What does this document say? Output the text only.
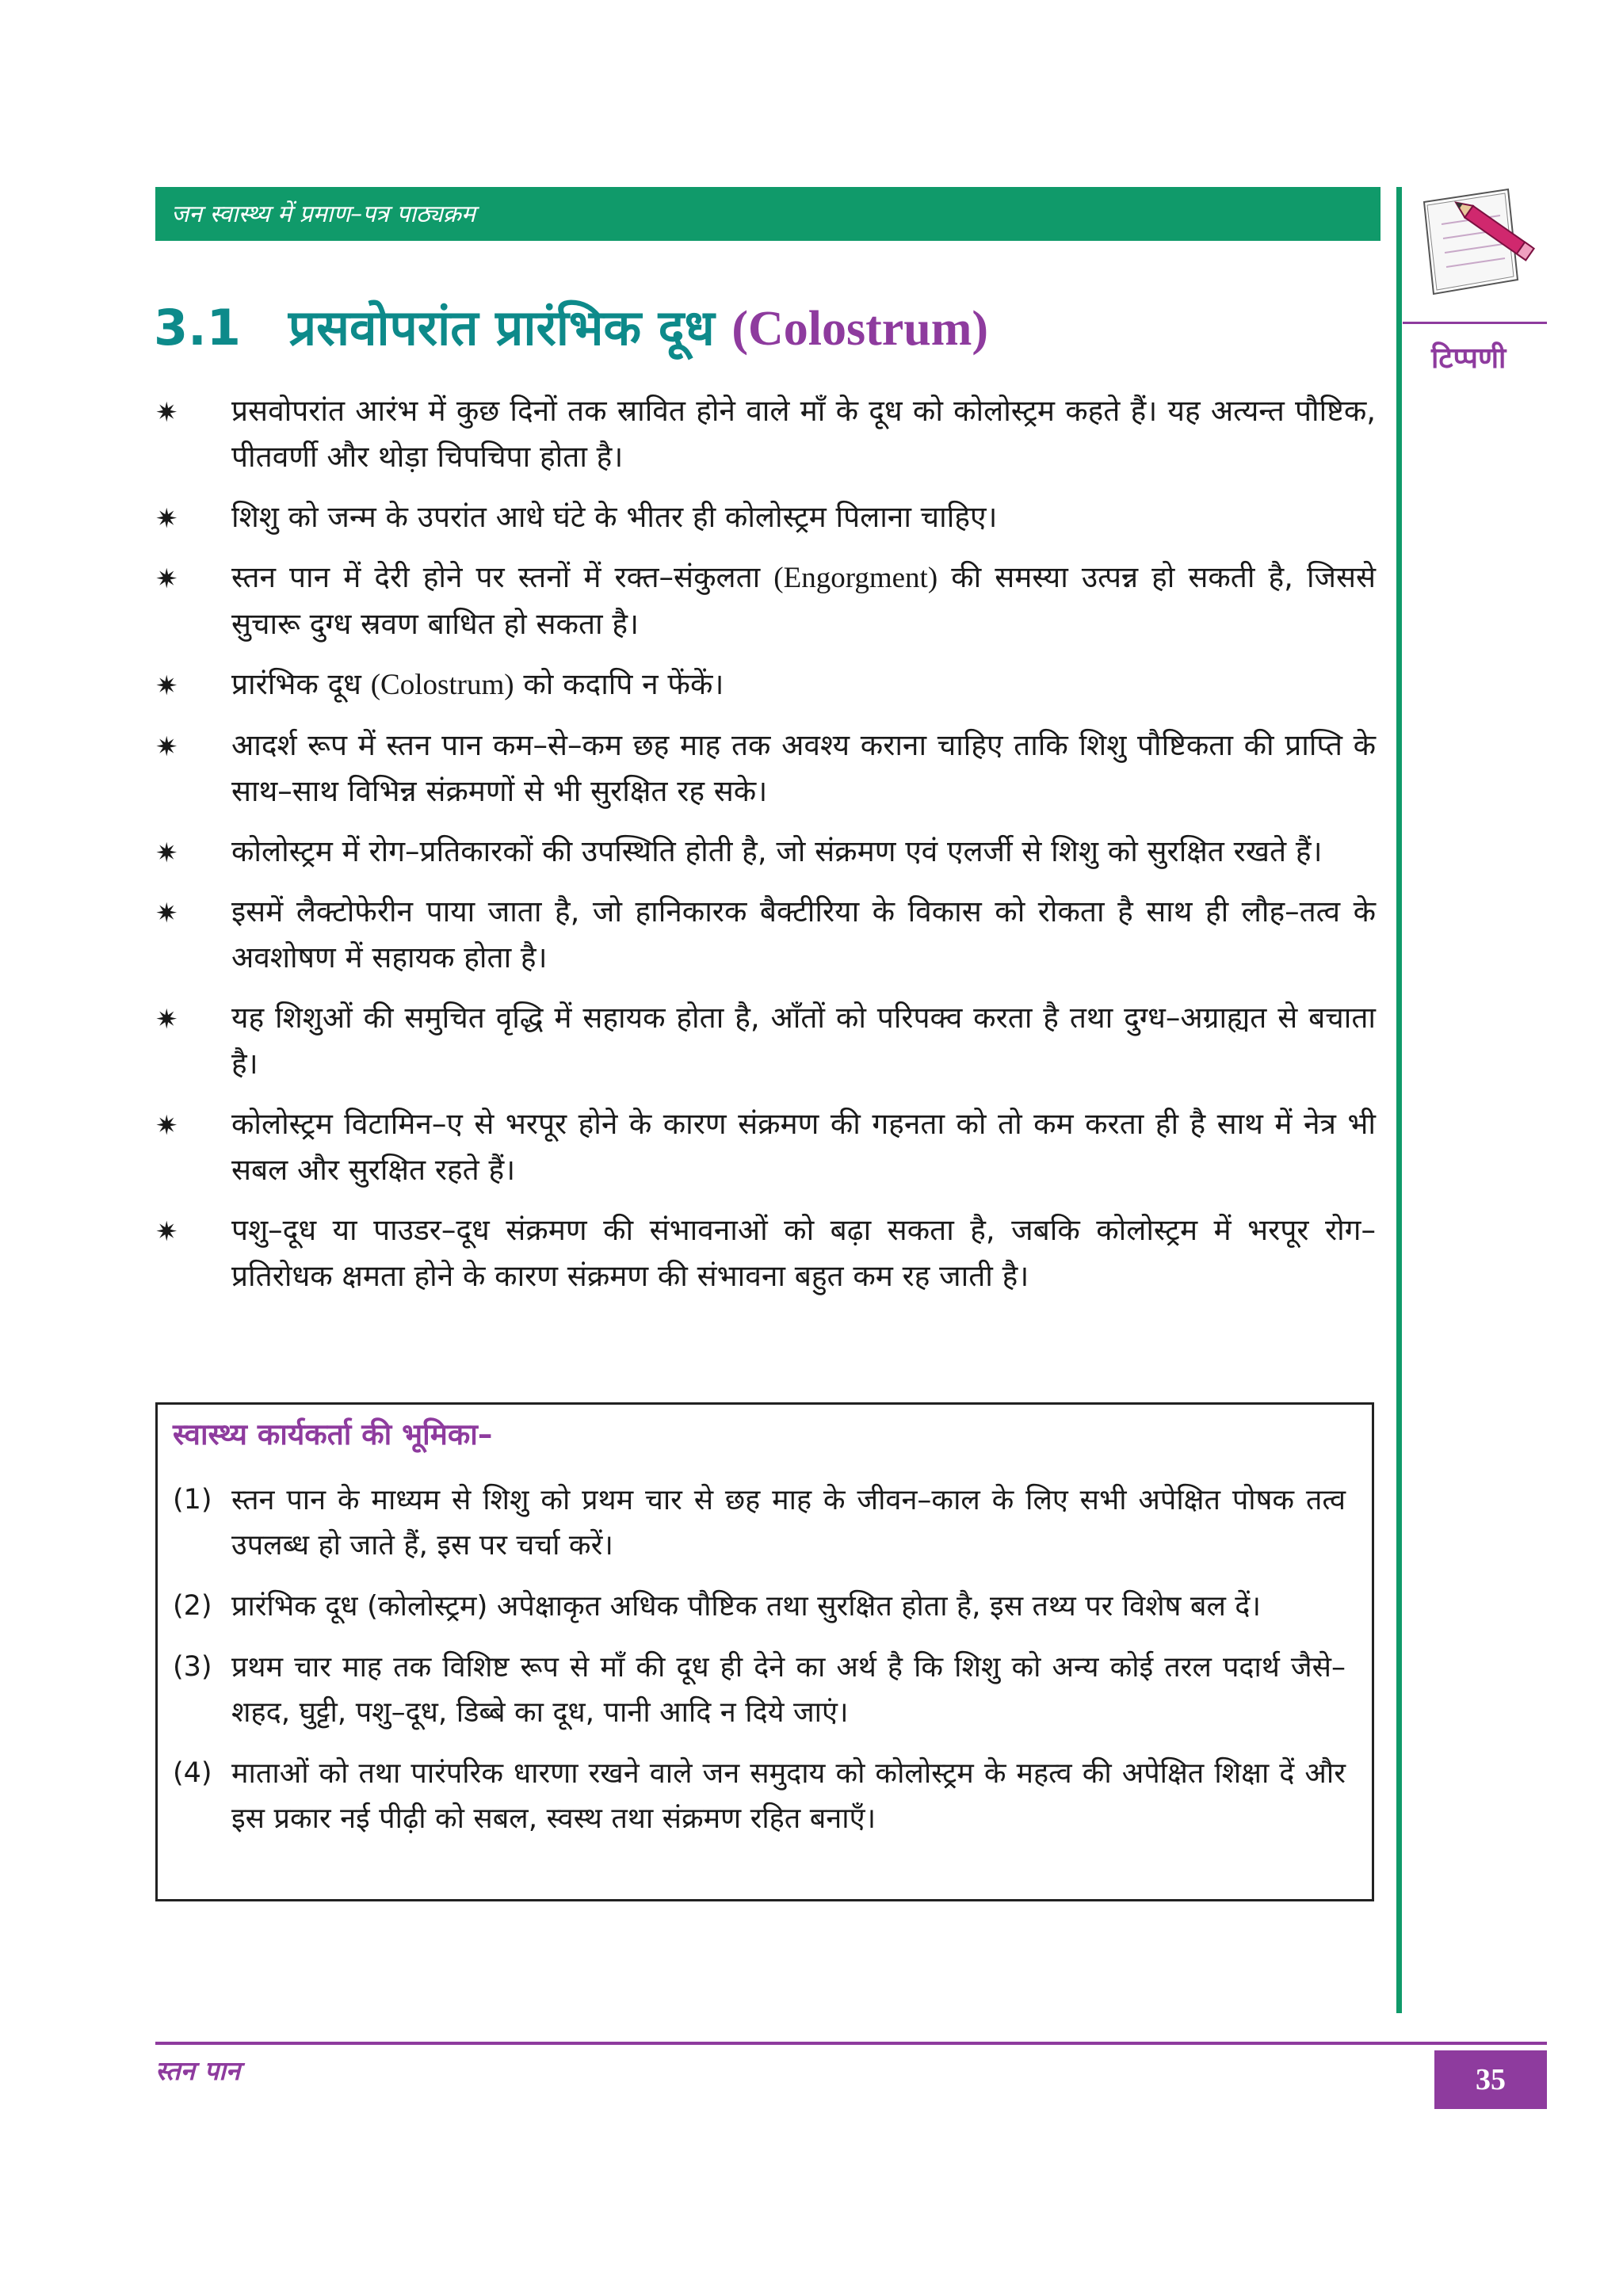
जन स्वास्थ्य में प्रमाण–पत्र पाठ्यक्रम
टिप्पणी
3.1 प्रसवोपरांत प्रारंभिक दूध (Colostrum)
✷ प्रसवोपरांत आरंभ में कुछ दिनों तक स्रावित होने वाले माँ के दूध को कोलोस्ट्रम कहते हैं। यह अत्यन्त पौष्टिक, पीतवर्णी और थोड़ा चिपचिपा होता है।
✷ शिशु को जन्म के उपरांत आधे घंटे के भीतर ही कोलोस्ट्रम पिलाना चाहिए।
✷ स्तन पान में देरी होने पर स्तनों में रक्त–संकुलता (Engorgment) की समस्या उत्पन्न हो सकती है, जिससे सुचारू दुग्ध स्रवण बाधित हो सकता है।
✷ प्रारंभिक दूध (Colostrum) को कदापि न फेंकें।
✷ आदर्श रूप में स्तन पान कम–से–कम छह माह तक अवश्य कराना चाहिए ताकि शिशु पौष्टिकता की प्राप्ति के साथ–साथ विभिन्न संक्रमणों से भी सुरक्षित रह सके।
✷ कोलोस्ट्रम में रोग–प्रतिकारकों की उपस्थिति होती है, जो संक्रमण एवं एलर्जी से शिशु को सुरक्षित रखते हैं।
✷ इसमें लैक्टोफेरीन पाया जाता है, जो हानिकारक बैक्टीरिया के विकास को रोकता है साथ ही लौह–तत्व के अवशोषण में सहायक होता है।
✷ यह शिशुओं की समुचित वृद्धि में सहायक होता है, आँतों को परिपक्व करता है तथा दुग्ध–अग्राह्यत से बचाता है।
✷ कोलोस्ट्रम विटामिन–ए से भरपूर होने के कारण संक्रमण की गहनता को तो कम करता ही है साथ में नेत्र भी सबल और सुरक्षित रहते हैं।
✷ पशु–दूध या पाउडर–दूध संक्रमण की संभावनाओं को बढ़ा सकता है, जबकि कोलोस्ट्रम में भरपूर रोग–प्रतिरोधक क्षमता होने के कारण संक्रमण की संभावना बहुत कम रह जाती है।
स्वास्थ्य कार्यकर्ता की भूमिका–
(1) स्तन पान के माध्यम से शिशु को प्रथम चार से छह माह के जीवन–काल के लिए सभी अपेक्षित पोषक तत्व उपलब्ध हो जाते हैं, इस पर चर्चा करें।
(2) प्रारंभिक दूध (कोलोस्ट्रम) अपेक्षाकृत अधिक पौष्टिक तथा सुरक्षित होता है, इस तथ्य पर विशेष बल दें।
(3) प्रथम चार माह तक विशिष्ट रूप से माँ की दूध ही देने का अर्थ है कि शिशु को अन्य कोई तरल पदार्थ जैसे–शहद, घुट्टी, पशु–दूध, डिब्बे का दूध, पानी आदि न दिये जाएं।
(4) माताओं को तथा पारंपरिक धारणा रखने वाले जन समुदाय को कोलोस्ट्रम के महत्व की अपेक्षित शिक्षा दें और इस प्रकार नई पीढ़ी को सबल, स्वस्थ तथा संक्रमण रहित बनाएँ।
स्तन पान	35
